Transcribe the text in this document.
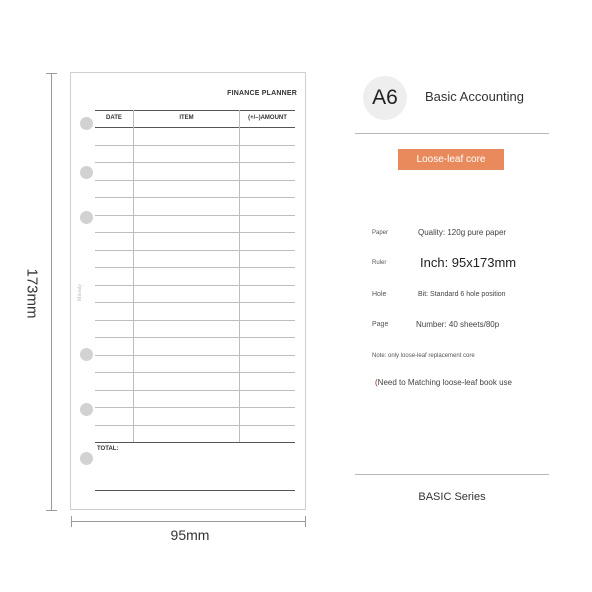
173mm
95mm
FINANCE PLANNER
Minisdy
DATE	ITEM	(+/–)AMOUNT
TOTAL:
A6	Basic Accounting
Loose-leaf core
Paper	Quality: 120g pure paper
Ruler	Inch: 95x173mm
Hole	Bit: Standard 6 hole position
Page	Number: 40 sheets/80p
Note: only loose-leaf replacement core
(Need to Matching loose-leaf book use
BASIC Series
